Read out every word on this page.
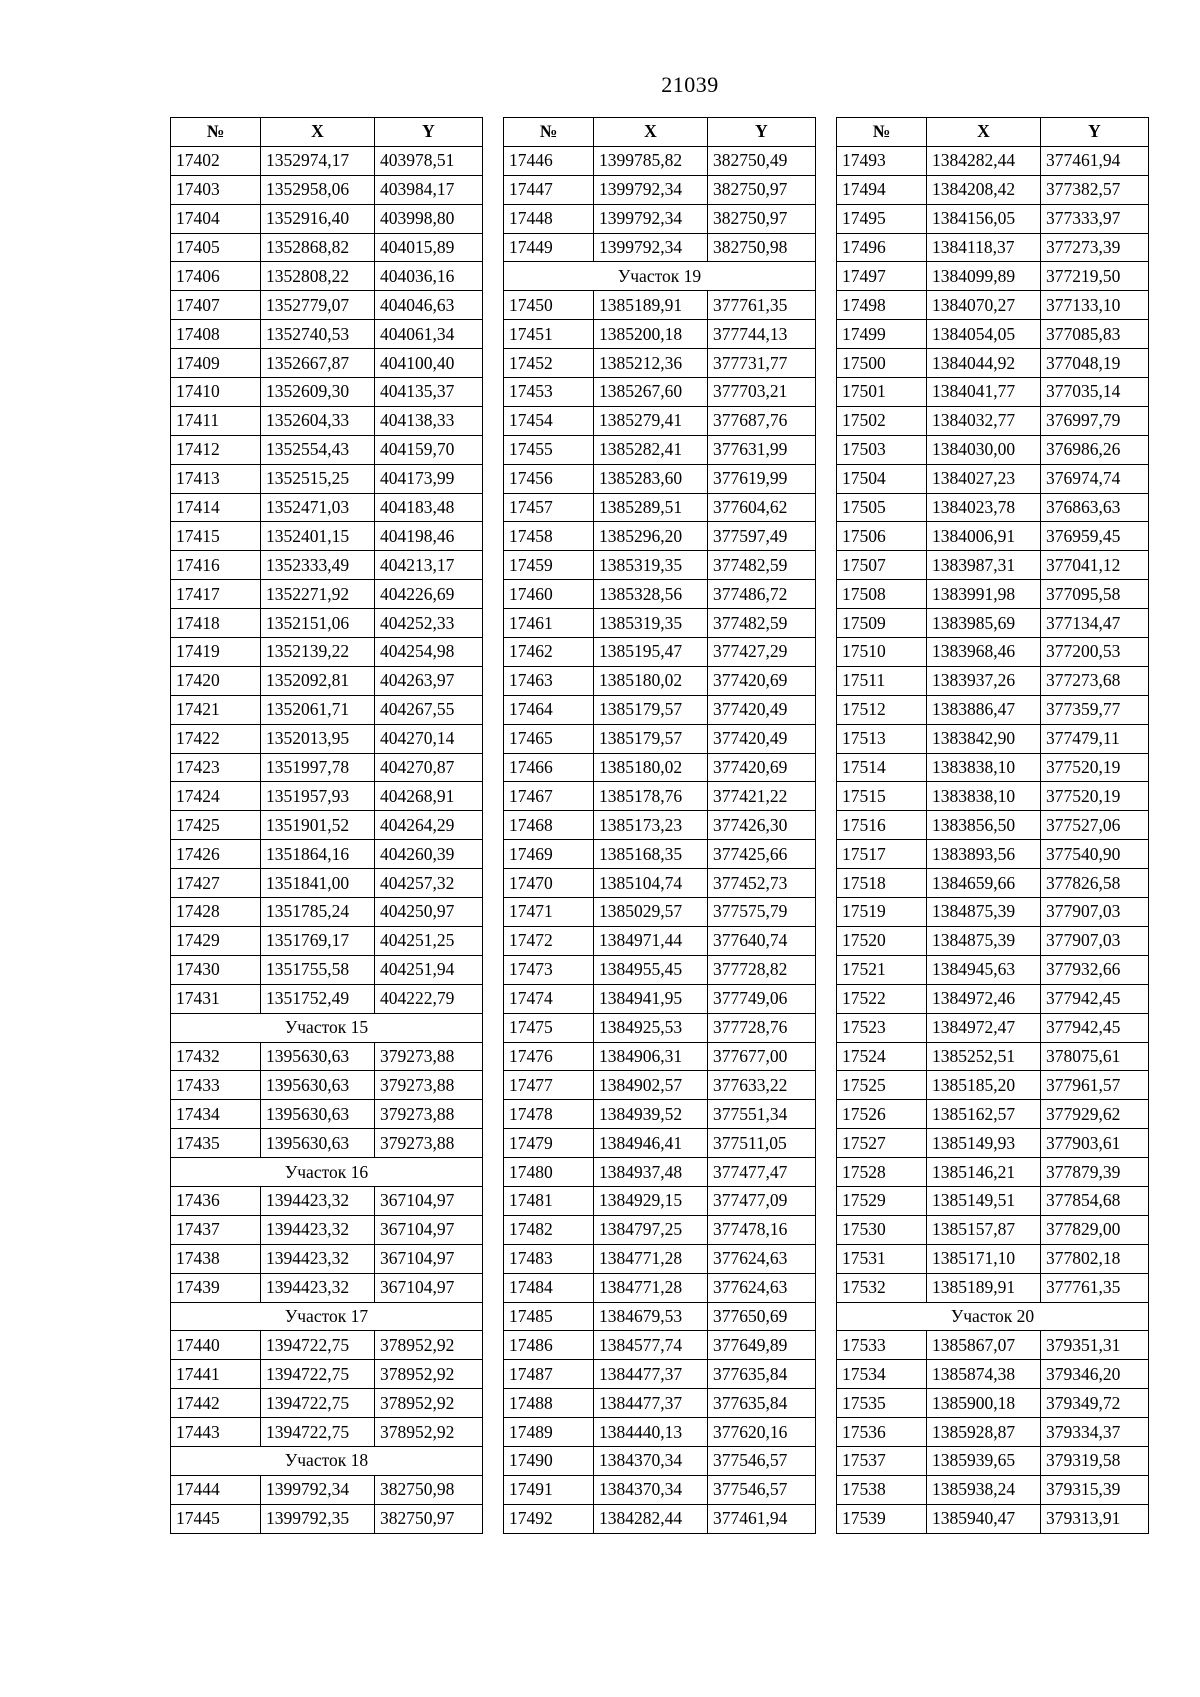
21039
№	X	Y
17402	1352974,17	403978,51
17403	1352958,06	403984,17
17404	1352916,40	403998,80
17405	1352868,82	404015,89
17406	1352808,22	404036,16
17407	1352779,07	404046,63
17408	1352740,53	404061,34
17409	1352667,87	404100,40
17410	1352609,30	404135,37
17411	1352604,33	404138,33
17412	1352554,43	404159,70
17413	1352515,25	404173,99
17414	1352471,03	404183,48
17415	1352401,15	404198,46
17416	1352333,49	404213,17
17417	1352271,92	404226,69
17418	1352151,06	404252,33
17419	1352139,22	404254,98
17420	1352092,81	404263,97
17421	1352061,71	404267,55
17422	1352013,95	404270,14
17423	1351997,78	404270,87
17424	1351957,93	404268,91
17425	1351901,52	404264,29
17426	1351864,16	404260,39
17427	1351841,00	404257,32
17428	1351785,24	404250,97
17429	1351769,17	404251,25
17430	1351755,58	404251,94
17431	1351752,49	404222,79
Участок 15		
17432	1395630,63	379273,88
17433	1395630,63	379273,88
17434	1395630,63	379273,88
17435	1395630,63	379273,88
Участок 16		
17436	1394423,32	367104,97
17437	1394423,32	367104,97
17438	1394423,32	367104,97
17439	1394423,32	367104,97
Участок 17		
17440	1394722,75	378952,92
17441	1394722,75	378952,92
17442	1394722,75	378952,92
17443	1394722,75	378952,92
Участок 18		
17444	1399792,34	382750,98
17445	1399792,35	382750,97
№	X	Y
17446	1399785,82	382750,49
17447	1399792,34	382750,97
17448	1399792,34	382750,97
17449	1399792,34	382750,98
Участок 19		
17450	1385189,91	377761,35
17451	1385200,18	377744,13
17452	1385212,36	377731,77
17453	1385267,60	377703,21
17454	1385279,41	377687,76
17455	1385282,41	377631,99
17456	1385283,60	377619,99
17457	1385289,51	377604,62
17458	1385296,20	377597,49
17459	1385319,35	377482,59
17460	1385328,56	377486,72
17461	1385319,35	377482,59
17462	1385195,47	377427,29
17463	1385180,02	377420,69
17464	1385179,57	377420,49
17465	1385179,57	377420,49
17466	1385180,02	377420,69
17467	1385178,76	377421,22
17468	1385173,23	377426,30
17469	1385168,35	377425,66
17470	1385104,74	377452,73
17471	1385029,57	377575,79
17472	1384971,44	377640,74
17473	1384955,45	377728,82
17474	1384941,95	377749,06
17475	1384925,53	377728,76
17476	1384906,31	377677,00
17477	1384902,57	377633,22
17478	1384939,52	377551,34
17479	1384946,41	377511,05
17480	1384937,48	377477,47
17481	1384929,15	377477,09
17482	1384797,25	377478,16
17483	1384771,28	377624,63
17484	1384771,28	377624,63
17485	1384679,53	377650,69
17486	1384577,74	377649,89
17487	1384477,37	377635,84
17488	1384477,37	377635,84
17489	1384440,13	377620,16
17490	1384370,34	377546,57
17491	1384370,34	377546,57
17492	1384282,44	377461,94
№	X	Y
17493	1384282,44	377461,94
17494	1384208,42	377382,57
17495	1384156,05	377333,97
17496	1384118,37	377273,39
17497	1384099,89	377219,50
17498	1384070,27	377133,10
17499	1384054,05	377085,83
17500	1384044,92	377048,19
17501	1384041,77	377035,14
17502	1384032,77	376997,79
17503	1384030,00	376986,26
17504	1384027,23	376974,74
17505	1384023,78	376863,63
17506	1384006,91	376959,45
17507	1383987,31	377041,12
17508	1383991,98	377095,58
17509	1383985,69	377134,47
17510	1383968,46	377200,53
17511	1383937,26	377273,68
17512	1383886,47	377359,77
17513	1383842,90	377479,11
17514	1383838,10	377520,19
17515	1383838,10	377520,19
17516	1383856,50	377527,06
17517	1383893,56	377540,90
17518	1384659,66	377826,58
17519	1384875,39	377907,03
17520	1384875,39	377907,03
17521	1384945,63	377932,66
17522	1384972,46	377942,45
17523	1384972,47	377942,45
17524	1385252,51	378075,61
17525	1385185,20	377961,57
17526	1385162,57	377929,62
17527	1385149,93	377903,61
17528	1385146,21	377879,39
17529	1385149,51	377854,68
17530	1385157,87	377829,00
17531	1385171,10	377802,18
17532	1385189,91	377761,35
Участок 20		
17533	1385867,07	379351,31
17534	1385874,38	379346,20
17535	1385900,18	379349,72
17536	1385928,87	379334,37
17537	1385939,65	379319,58
17538	1385938,24	379315,39
17539	1385940,47	379313,91
